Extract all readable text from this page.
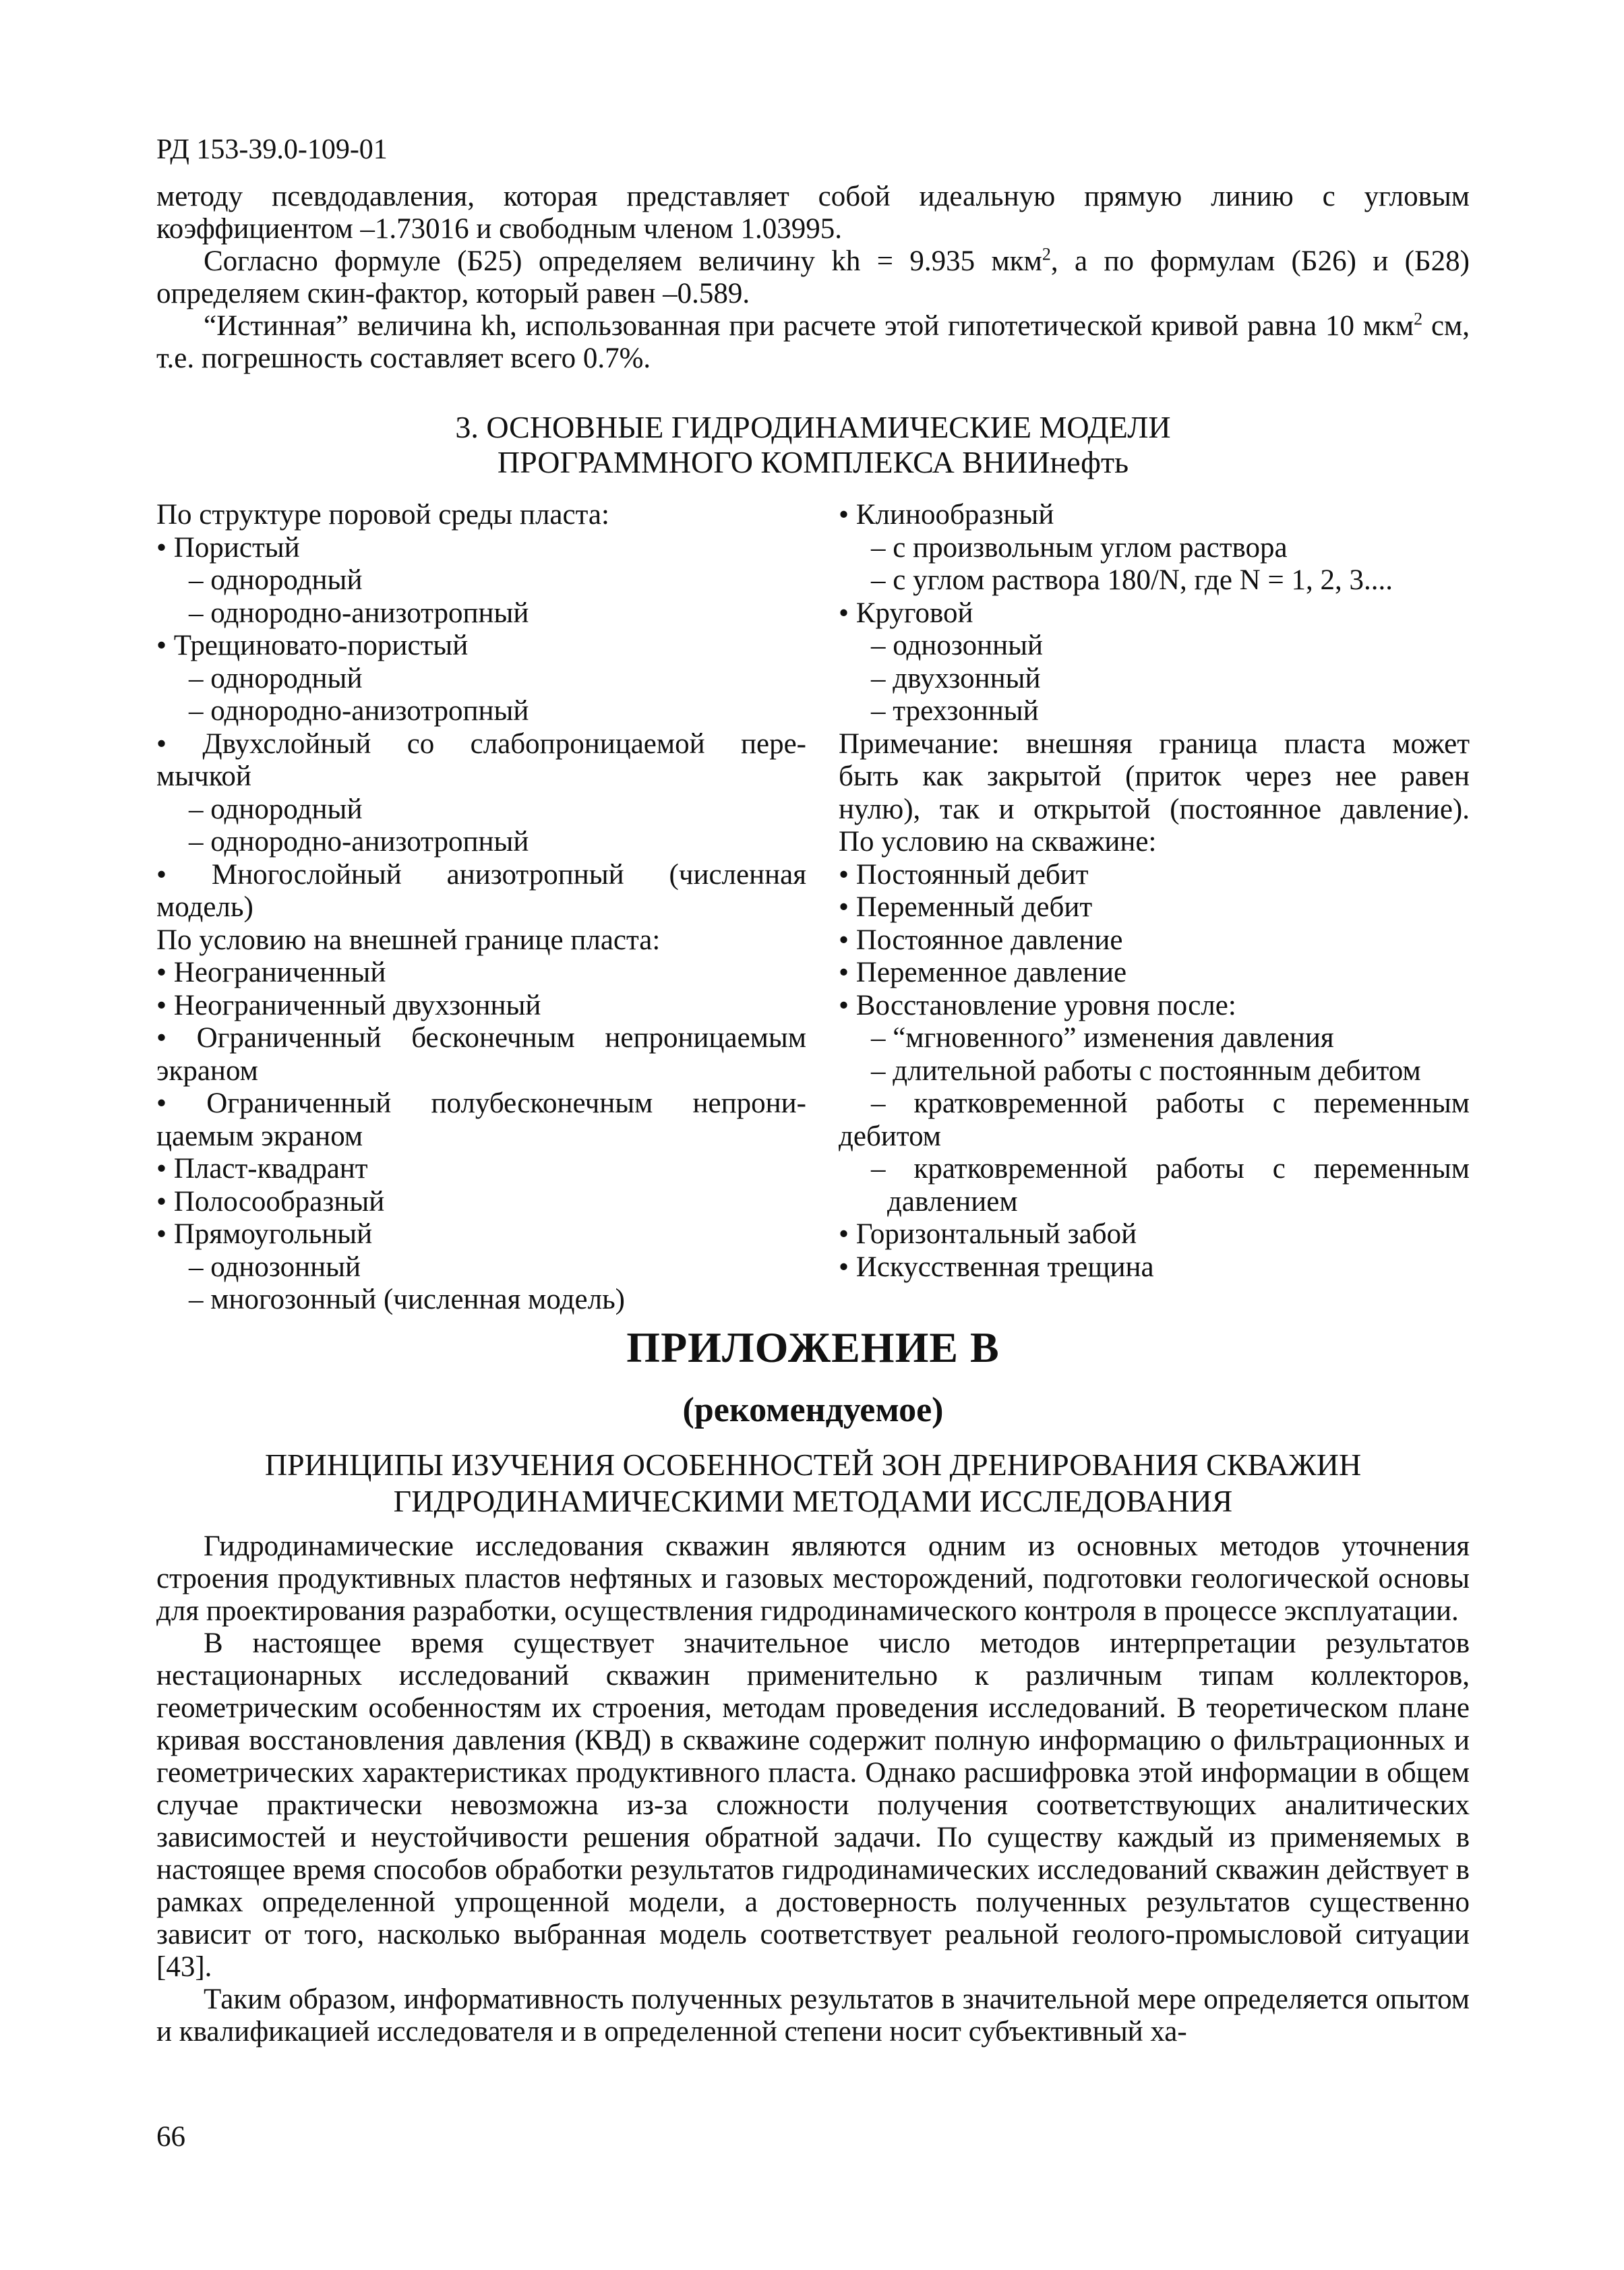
РД 153-39.0-109-01

методу псевдодавления, которая представляет собой идеальную прямую линию с угловым коэффициентом –1.73016 и свободным членом 1.03995.

Согласно формуле (Б25) определяем величину kh = 9.935 мкм$^2$, а по формулам (Б26) и (Б28) определяем скин-фактор, который равен –0.589.

“Истинная” величина kh, использованная при расчете этой гипотетической кривой равна 10 мкм$^2$ см, т.е. погрешность составляет всего 0.7%.

3. ОСНОВНЫЕ ГИДРОДИНАМИЧЕСКИЕ МОДЕЛИ
ПРОГРАММНОГО КОМПЛЕКСА ВНИИнефть
По структуре поровой среды пласта:
• Пористый
– однородный
– однородно-анизотропный
• Трещиновато-пористый
– однородный
– однородно-анизотропный
• Двухслойный со слабопроницаемой пере-
мычкой
– однородный
– однородно-анизотропный
• Многослойный анизотропный (численная
модель)
По условию на внешней границе пласта:
• Неограниченный
• Неограниченный двухзонный
• Ограниченный бесконечным непроницаемым
экраном
• Ограниченный полубесконечным непрони-
цаемым экраном
• Пласт-квадрант
• Полосообразный
• Прямоугольный
– однозонный
– многозонный (численная модель)
• Клинообразный
– с произвольным углом раствора
– с углом раствора 180/N, где N = 1, 2, 3....
• Круговой
– однозонный
– двухзонный
– трехзонный
Примечание: внешняя граница пласта может
быть как закрытой (приток через нее равен
нулю), так и открытой (постоянное давление).
По условию на скважине:
• Постоянный дебит
• Переменный дебит
• Постоянное давление
• Переменное давление
• Восстановление уровня после:
– “мгновенного” изменения давления
– длительной работы с постоянным дебитом
– кратковременной работы с переменным
дебитом
– кратковременной работы с переменным
давлением
• Горизонтальный забой
• Искусственная трещина
ПРИЛОЖЕНИЕ В
(рекомендуемое)
ПРИНЦИПЫ ИЗУЧЕНИЯ ОСОБЕННОСТЕЙ ЗОН ДРЕНИРОВАНИЯ СКВАЖИН
ГИДРОДИНАМИЧЕСКИМИ МЕТОДАМИ ИССЛЕДОВАНИЯ

Гидродинамические исследования скважин являются одним из основных методов уточнения строения продуктивных пластов нефтяных и газовых месторождений, подготовки геологической основы для проектирования разработки, осуществления гидродинамического контроля в процессе эксплуатации.

В настоящее время существует значительное число методов интерпретации результатов нестационарных исследований скважин применительно к различным типам коллекторов, геометрическим особенностям их строения, методам проведения исследований. В теоретическом плане кривая восстановления давления (КВД) в скважине содержит полную информацию о фильтрационных и геометрических характеристиках продуктивного пласта. Однако расшифровка этой информации в общем случае практически невозможна из-за сложности получения соответствующих аналитических зависимостей и неустойчивости решения обратной задачи. По существу каждый из применяемых в настоящее время способов обработки результатов гидродинамических исследований скважин действует в рамках определенной упрощенной модели, а достоверность полученных результатов существенно зависит от того, насколько выбранная модель соответствует реальной геолого-промысловой ситуации [43].

Таким образом, информативность полученных результатов в значительной мере определяется опытом и квалификацией исследователя и в определенной степени носит субъективный ха-

66
